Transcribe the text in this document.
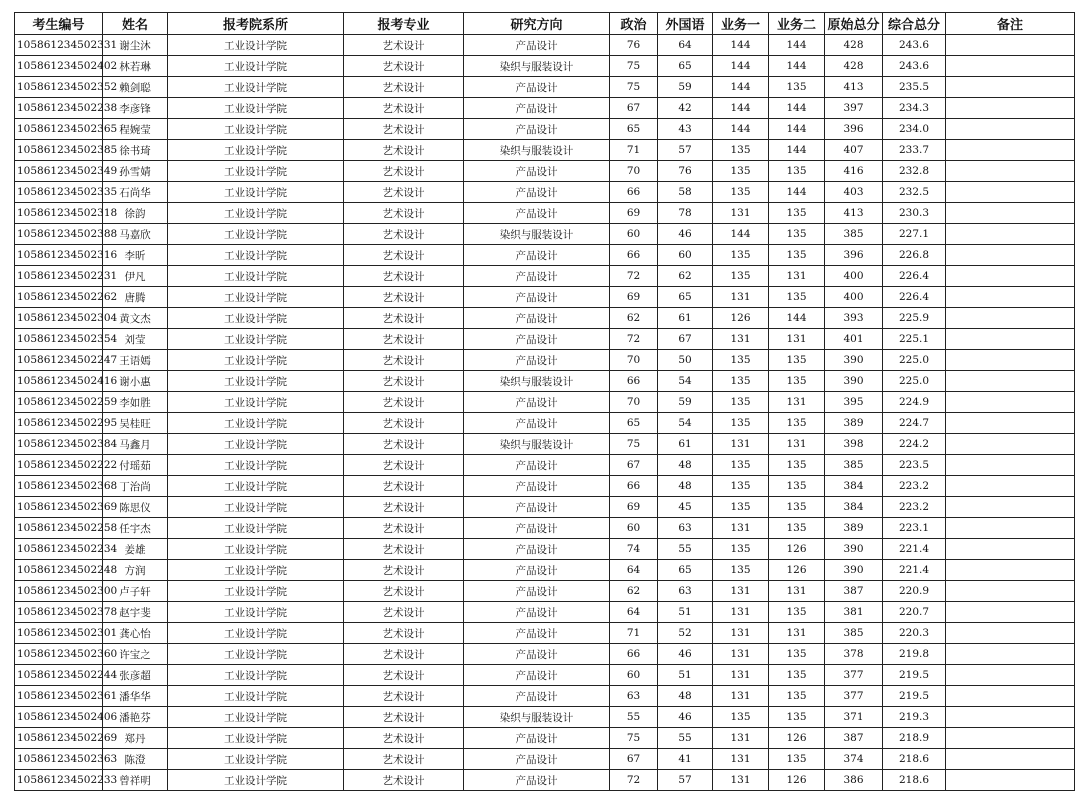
考生编号	姓名	报考院系所	报考专业	研究方向	政治	外国语	业务一	业务二	原始总分	综合总分	备注
105861234502331	谢尘沐	工业设计学院	艺术设计	产品设计	76	64	144	144	428	243.6	
105861234502402	林若琳	工业设计学院	艺术设计	染织与服装设计	75	65	144	144	428	243.6	
105861234502352	赖剑聪	工业设计学院	艺术设计	产品设计	75	59	144	135	413	235.5	
105861234502238	李彦锋	工业设计学院	艺术设计	产品设计	67	42	144	144	397	234.3	
105861234502365	程婉莹	工业设计学院	艺术设计	产品设计	65	43	144	144	396	234.0	
105861234502385	徐书琦	工业设计学院	艺术设计	染织与服装设计	71	57	135	144	407	233.7	
105861234502349	孙雪婧	工业设计学院	艺术设计	产品设计	70	76	135	135	416	232.8	
105861234502335	石尚华	工业设计学院	艺术设计	产品设计	66	58	135	144	403	232.5	
105861234502318	徐韵	工业设计学院	艺术设计	产品设计	69	78	131	135	413	230.3	
105861234502388	马嘉欣	工业设计学院	艺术设计	染织与服装设计	60	46	144	135	385	227.1	
105861234502316	李昕	工业设计学院	艺术设计	产品设计	66	60	135	135	396	226.8	
105861234502231	伊凡	工业设计学院	艺术设计	产品设计	72	62	135	131	400	226.4	
105861234502262	唐腾	工业设计学院	艺术设计	产品设计	69	65	131	135	400	226.4	
105861234502304	黄文杰	工业设计学院	艺术设计	产品设计	62	61	126	144	393	225.9	
105861234502354	刘莹	工业设计学院	艺术设计	产品设计	72	67	131	131	401	225.1	
105861234502247	王语嫣	工业设计学院	艺术设计	产品设计	70	50	135	135	390	225.0	
105861234502416	谢小惠	工业设计学院	艺术设计	染织与服装设计	66	54	135	135	390	225.0	
105861234502259	李如胜	工业设计学院	艺术设计	产品设计	70	59	135	131	395	224.9	
105861234502295	吴桂旺	工业设计学院	艺术设计	产品设计	65	54	135	135	389	224.7	
105861234502384	马鑫月	工业设计学院	艺术设计	染织与服装设计	75	61	131	131	398	224.2	
105861234502222	付瑶茹	工业设计学院	艺术设计	产品设计	67	48	135	135	385	223.5	
105861234502368	丁治尚	工业设计学院	艺术设计	产品设计	66	48	135	135	384	223.2	
105861234502369	陈思仪	工业设计学院	艺术设计	产品设计	69	45	135	135	384	223.2	
105861234502258	任宇杰	工业设计学院	艺术设计	产品设计	60	63	131	135	389	223.1	
105861234502234	姜雄	工业设计学院	艺术设计	产品设计	74	55	135	126	390	221.4	
105861234502248	方润	工业设计学院	艺术设计	产品设计	64	65	135	126	390	221.4	
105861234502300	卢子轩	工业设计学院	艺术设计	产品设计	62	63	131	131	387	220.9	
105861234502378	赵宇斐	工业设计学院	艺术设计	产品设计	64	51	131	135	381	220.7	
105861234502301	龚心怡	工业设计学院	艺术设计	产品设计	71	52	131	131	385	220.3	
105861234502360	许宝之	工业设计学院	艺术设计	产品设计	66	46	131	135	378	219.8	
105861234502244	张彦超	工业设计学院	艺术设计	产品设计	60	51	131	135	377	219.5	
105861234502361	潘华华	工业设计学院	艺术设计	产品设计	63	48	131	135	377	219.5	
105861234502406	潘艳芬	工业设计学院	艺术设计	染织与服装设计	55	46	135	135	371	219.3	
105861234502269	郑丹	工业设计学院	艺术设计	产品设计	75	55	131	126	387	218.9	
105861234502363	陈澄	工业设计学院	艺术设计	产品设计	67	41	131	135	374	218.6	
105861234502233	曾祥明	工业设计学院	艺术设计	产品设计	72	57	131	126	386	218.6	
